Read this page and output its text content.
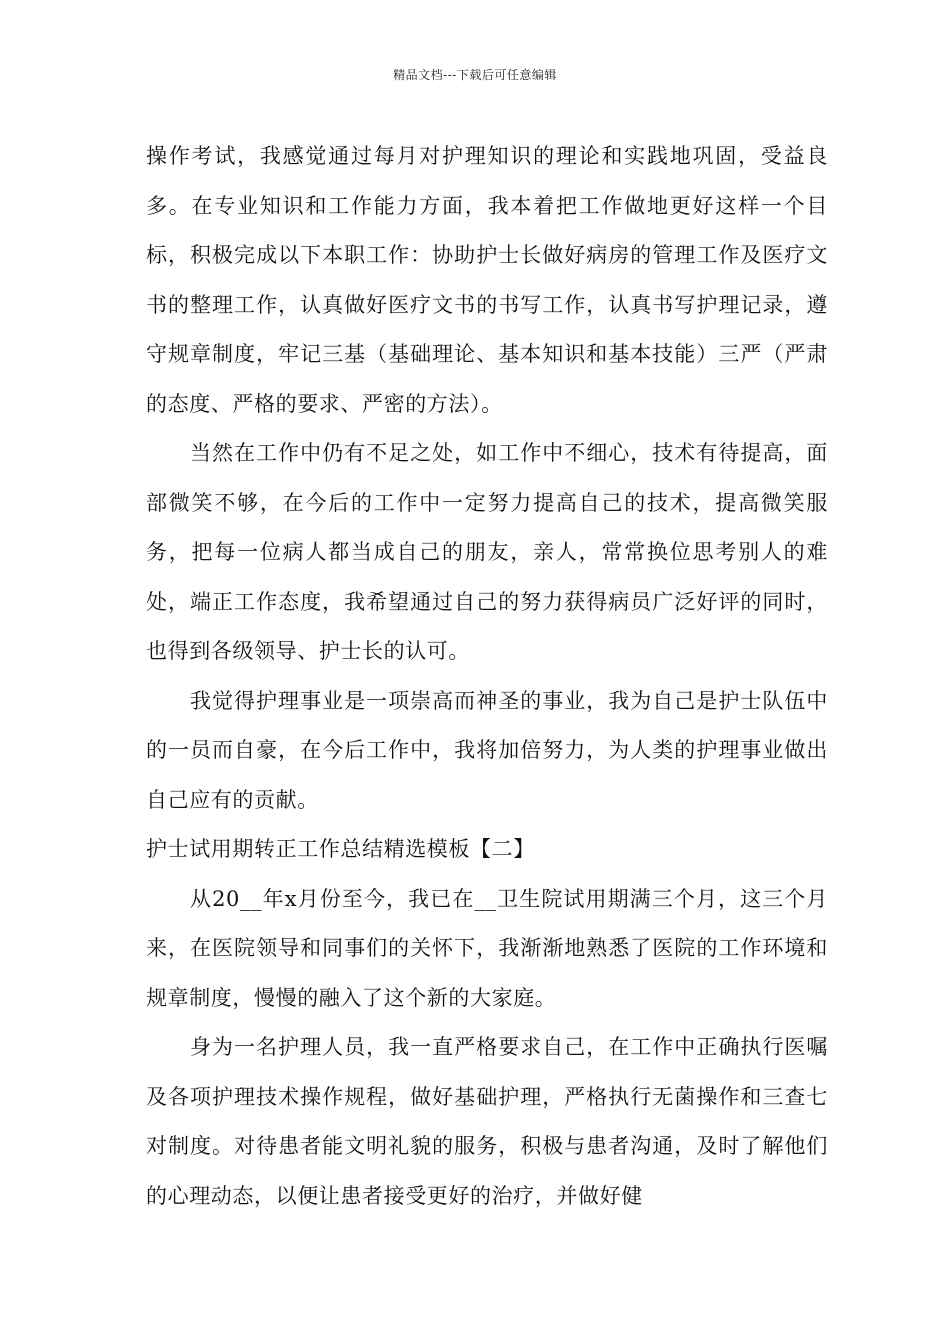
精品文档---下载后可任意编辑

操作考试，我感觉通过每月对护理知识的理论和实践地巩固，受益良多。在专业知识和工作能力方面，我本着把工作做地更好这样一个目标，积极完成以下本职工作：协助护士长做好病房的管理工作及医疗文书的整理工作，认真做好医疗文书的书写工作，认真书写护理记录，遵守规章制度，牢记三基（基础理论、基本知识和基本技能）三严（严肃的态度、严格的要求、严密的方法）。

当然在工作中仍有不足之处，如工作中不细心，技术有待提高，面部微笑不够，在今后的工作中一定努力提高自己的技术，提高微笑服务，把每一位病人都当成自己的朋友，亲人，常常换位思考别人的难处，端正工作态度，我希望通过自己的努力获得病员广泛好评的同时，也得到各级领导、护士长的认可。

我觉得护理事业是一项崇高而神圣的事业，我为自己是护士队伍中的一员而自豪，在今后工作中，我将加倍努力，为人类的护理事业做出自己应有的贡献。

护士试用期转正工作总结精选模板【二】

从20__年x月份至今，我已在__卫生院试用期满三个月，这三个月来，在医院领导和同事们的关怀下，我渐渐地熟悉了医院的工作环境和规章制度，慢慢的融入了这个新的大家庭。

身为一名护理人员，我一直严格要求自己，在工作中正确执行医嘱及各项护理技术操作规程，做好基础护理，严格执行无菌操作和三查七对制度。对待患者能文明礼貌的服务，积极与患者沟通，及时了解他们的心理动态，以便让患者接受更好的治疗，并做好健
